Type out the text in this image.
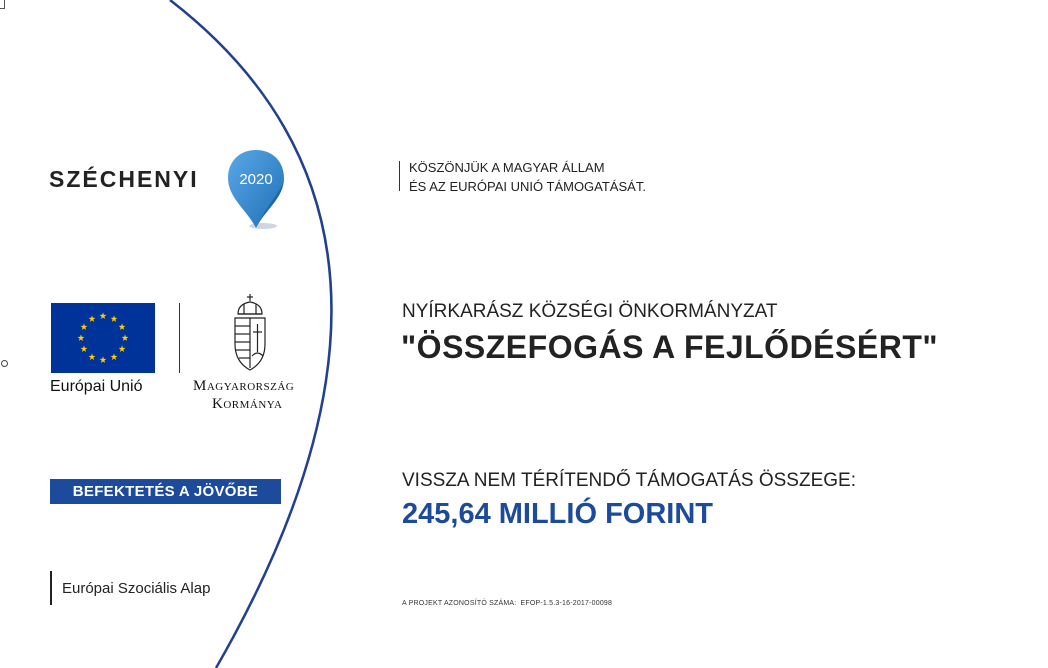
SZÉCHENYI	2020
Európai Unió	Magyarország
Kormánya
BEFEKTETÉS A JÖVŐBE
Európai Szociális Alap
KÖSZÖNJÜK A MAGYAR ÁLLAM
ÉS AZ EURÓPAI UNIÓ TÁMOGATÁSÁT.
NYÍRKARÁSZ KÖZSÉGI ÖNKORMÁNYZAT
"ÖSSZEFOGÁS A FEJLŐDÉSÉRT"
VISSZA NEM TÉRÍTENDŐ TÁMOGATÁS ÖSSZEGE:
245,64 MILLIÓ FORINT
A PROJEKT AZONOSÍTÓ SZÁMA: EFOP-1.5.3-16-2017-00098
